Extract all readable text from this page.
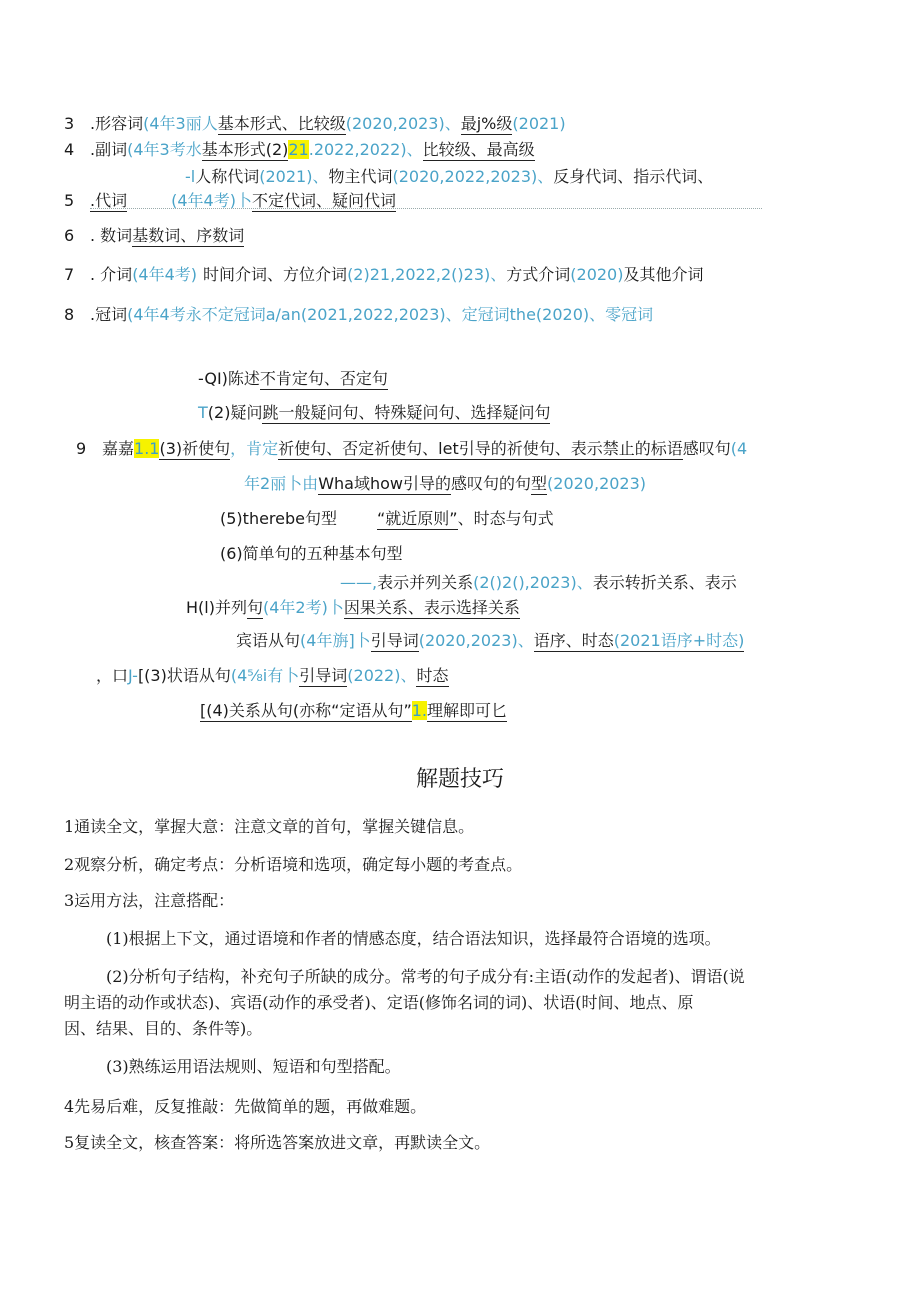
3 .形容词(4年3丽人基本形式、比较级(2020,2023)、最j%级(2021)
4 .副词(4年3考水基本形式(2)21.2022,2022)、比较级、最高级
-l人称代词(2021)、物主代词(2020,2022,2023)、反身代词、指示代词、
5 .代词	(4年4考)卜不定代词、疑问代词
6 . 数词基数词、序数词
7 . 介词(4年4考) 时间介词、方位介词(2)21,2022,2()23)、方式介词(2020)及其他介词
8 .冠词(4年4考永不定冠词a/an(2021,2022,2023)、定冠词the(2020)、零冠词
-QI)陈述不肯定句、否定句
T(2)疑问跳一般疑问句、特殊疑问句、选择疑问句
9 嘉嘉1.1(3)祈使句，肯定祈使句、否定祈使句、let引导的祈使句、表示禁止的标语感叹句(4
年2丽卜由Wha域how引导的感叹句的句型(2020,2023)
(5)therebe句型	“就近原则”、时态与句式
(6)简单句的五种基本句型
——,表示并列关系(2()2(),2023)、表示转折关系、表示
H(l)并列句(4年2考)卜因果关系、表示选择关系
宾语从句(4年旃]卜引导词(2020,2023)、语序、时态(2021语序+时态)
，口J-[(3)状语从句(4⅝i有卜引导词(2022)、时态
[(4)关系从句(亦称“定语从句”1.理解即可匕
解题技巧
1通读全文，掌握大意：注意文章的首句，掌握关键信息。
2观察分析，确定考点：分析语境和选项，确定每小题的考查点。
3运用方法，注意搭配：
(1)根据上下文，通过语境和作者的情感态度，结合语法知识，选择最符合语境的选项。
(2)分析句子结构，补充句子所缺的成分。常考的句子成分有:主语(动作的发起者)、谓语(说
明主语的动作或状态)、宾语(动作的承受者)、定语(修饰名词的词)、状语(时间、地点、原
因、结果、目的、条件等)。
(3)熟练运用语法规则、短语和句型搭配。
4先易后难，反复推敲：先做简单的题，再做难题。
5复读全文，核查答案：将所选答案放进文章，再默读全文。
